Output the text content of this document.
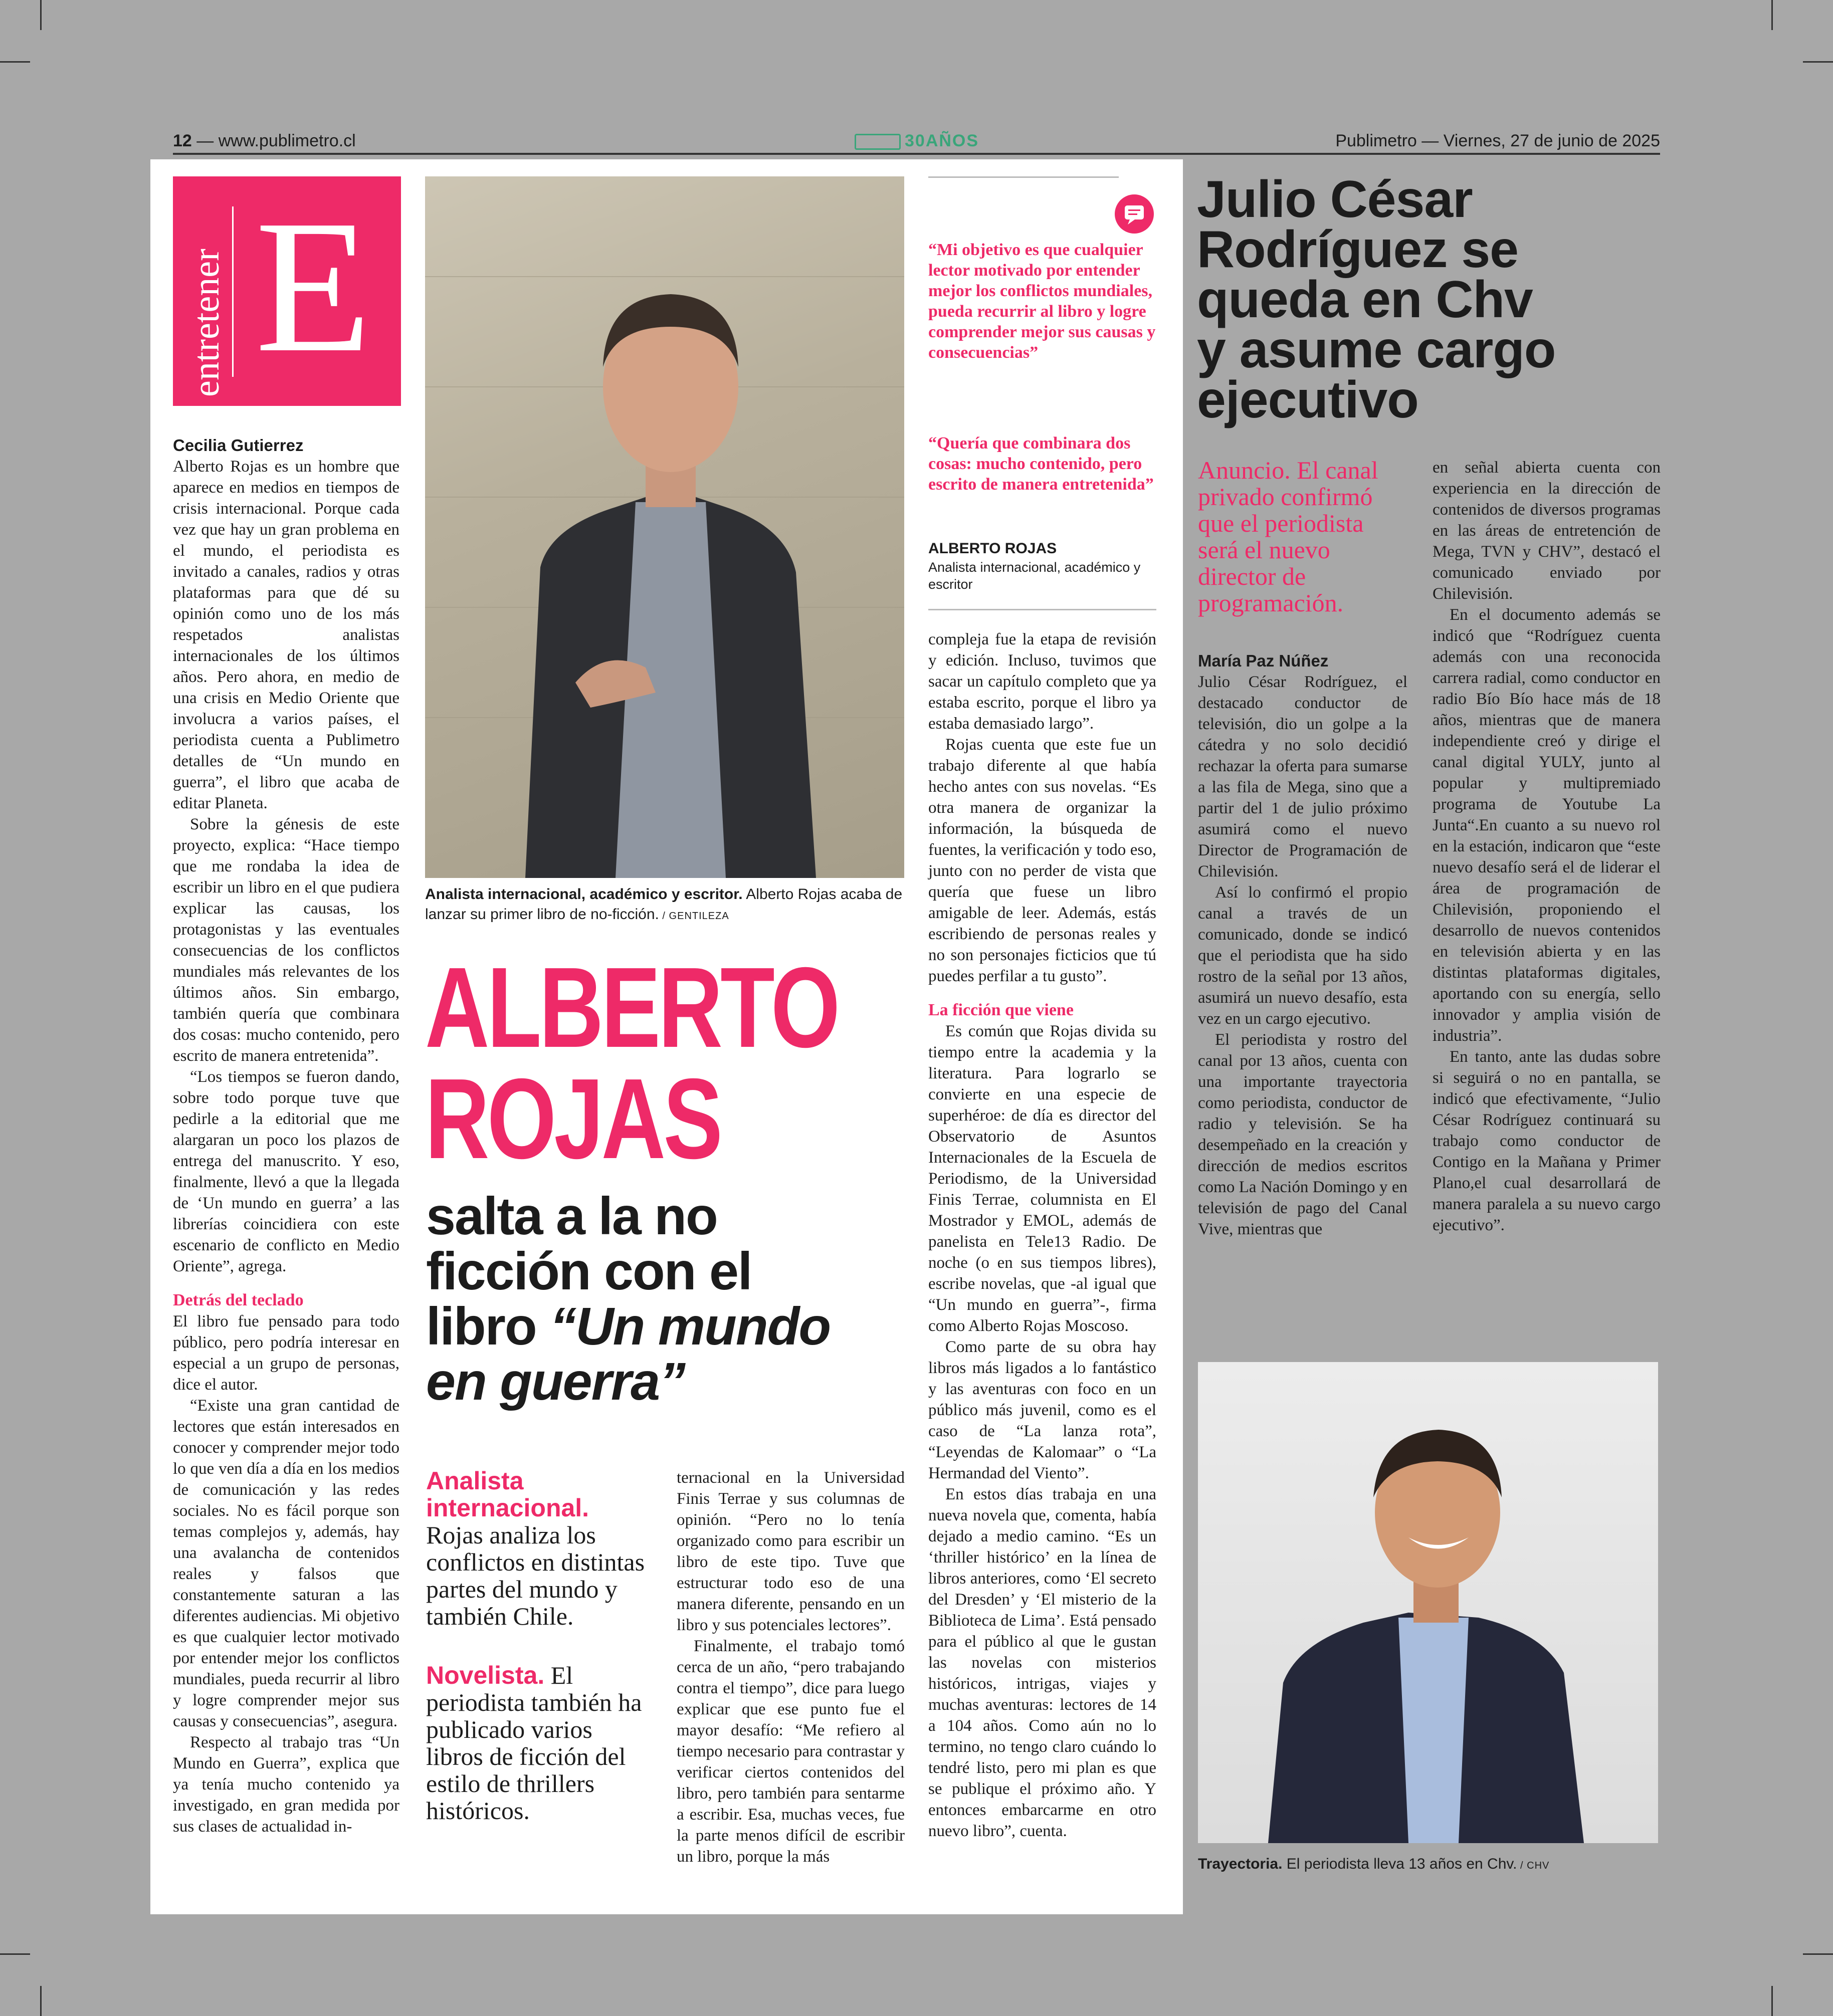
12 — www.publimetro.cl	30AÑOS	Publimetro — Viernes, 27 de junio de 2025
entretener E

Cecilia Gutierrez

Alberto Rojas es un hombre que aparece en medios en tiempos de crisis internacional. Porque cada vez que hay un gran problema en el mundo, el periodista es invitado a canales, radios y otras plataformas para que dé su opinión como uno de los más respetados analistas internacionales de los últimos años. Pero ahora, en medio de una crisis en Medio Oriente que involucra a varios países, el periodista cuenta a Publimetro detalles de “Un mundo en guerra”, el libro que acaba de editar Planeta.

Sobre la génesis de este proyecto, explica: “Hace tiempo que me rondaba la idea de escribir un libro en el que pudiera explicar las causas, los protagonistas y las eventuales consecuencias de los conflictos mundiales más relevantes de los últimos años. Sin embargo, también quería que combinara dos cosas: mucho contenido, pero escrito de manera entretenida”.

“Los tiempos se fueron dando, sobre todo porque tuve que pedirle a la editorial que me alargaran un poco los plazos de entrega del manuscrito. Y eso, finalmente, llevó a que la llegada de ‘Un mundo en guerra’ a las librerías coincidiera con este escenario de conflicto en Medio Oriente”, agrega.

Detrás del teclado

El libro fue pensado para todo público, pero podría interesar en especial a un grupo de personas, dice el autor.

“Existe una gran cantidad de lectores que están interesados en conocer y comprender mejor todo lo que ven día a día en los medios de comunicación y las redes sociales. No es fácil porque son temas complejos y, además, hay una avalancha de contenidos reales y falsos que constantemente saturan a las diferentes audiencias. Mi objetivo es que cualquier lector motivado por entender mejor los conflictos mundiales, pueda recurrir al libro y logre comprender mejor sus causas y consecuencias”, asegura.

Respecto al trabajo tras “Un Mundo en Guerra”, explica que ya tenía mucho contenido ya investigado, en gran medida por sus clases de actualidad in-

Analista internacional, académico y escritor. Alberto Rojas acaba de lanzar su primer libro de no-ficción. / GENTILEZA
ALBERTO
ROJAS
salta a la no
ficción con el
libro “Un mundo
en guerra”
Analista internacional. Rojas analiza los conflictos en distintas partes del mundo y también Chile.
Novelista. El periodista también ha publicado varios libros de ficción del estilo de thrillers históricos.

ternacional en la Universidad Finis Terrae y sus columnas de opinión. “Pero no lo tenía organizado como para escribir un libro de este tipo. Tuve que estructurar todo eso de una manera diferente, pensando en un libro y sus potenciales lectores”.

Finalmente, el trabajo tomó cerca de un año, “pero trabajando contra el tiempo”, dice para luego explicar que ese punto fue el mayor desafío: “Me refiero al tiempo necesario para contrastar y verificar ciertos contenidos del libro, pero también para sentarme a escribir. Esa, muchas veces, fue la parte menos difícil de escribir un libro, porque la más

“Mi objetivo es que cualquier lector motivado por entender mejor los conflictos mundiales, pueda recurrir al libro y logre comprender mejor sus causas y consecuencias”
“Quería que combinara dos cosas: mucho contenido, pero escrito de manera entretenida”
ALBERTO ROJAS
Analista internacional, académico y escritor

compleja fue la etapa de revisión y edición. Incluso, tuvimos que sacar un capítulo completo que ya estaba escrito, porque el libro ya estaba demasiado largo”.

Rojas cuenta que este fue un trabajo diferente al que había hecho antes con sus novelas. “Es otra manera de organizar la información, la búsqueda de fuentes, la verificación y todo eso, junto con no perder de vista que quería que fuese un libro amigable de leer. Además, estás escribiendo de personas reales y no son personajes ficticios que tú puedes perfilar a tu gusto”.

La ficción que viene

Es común que Rojas divida su tiempo entre la academia y la literatura. Para lograrlo se convierte en una especie de superhéroe: de día es director del Observatorio de Asuntos Internacionales de la Escuela de Periodismo, de la Universidad Finis Terrae, columnista en El Mostrador y EMOL, además de panelista en Tele13 Radio. De noche (o en sus tiempos libres), escribe novelas, que -al igual que “Un mundo en guerra”-, firma como Alberto Rojas Moscoso.

Como parte de su obra hay libros más ligados a lo fantástico y las aventuras con foco en un público más juvenil, como es el caso de “La lanza rota”, “Leyendas de Kalomaar” o “La Hermandad del Viento”.

En estos días trabaja en una nueva novela que, comenta, había dejado a medio camino. “Es un ‘thriller histórico’ en la línea de libros anteriores, como ‘El secreto del Dresden’ y ‘El misterio de la Biblioteca de Lima’. Está pensado para el público al que le gustan las novelas con misterios históricos, intrigas, viajes y muchas aventuras: lectores de 14 a 104 años. Como aún no lo termino, no tengo claro cuándo lo tendré listo, pero mi plan es que se publique el próximo año. Y entonces embarcarme en otro nuevo libro”, cuenta.

Julio César
Rodríguez se
queda en Chv
y asume cargo
ejecutivo
Anuncio. El canal privado confirmó que el periodista será el nuevo director de programación.

María Paz Núñez

Julio César Rodríguez, el destacado conductor de televisión, dio un golpe a la cátedra y no solo decidió rechazar la oferta para sumarse a las fila de Mega, sino que a partir del 1 de julio próximo asumirá como el nuevo Director de Programación de Chilevisión.

Así lo confirmó el propio canal a través de un comunicado, donde se indicó que el periodista que ha sido rostro de la señal por 13 años, asumirá un nuevo desafío, esta vez en un cargo ejecutivo.

El periodista y rostro del canal por 13 años, cuenta con una importante trayectoria como periodista, conductor de radio y televisión. Se ha desempeñado en la creación y dirección de medios escritos como La Nación Domingo y en televisión de pago del Canal Vive, mientras que

en señal abierta cuenta con experiencia en la dirección de contenidos de diversos programas en las áreas de entretención de Mega, TVN y CHV”, destacó el comunicado enviado por Chilevisión.

En el documento además se indicó que “Rodríguez cuenta además con una reconocida carrera radial, como conductor en radio Bío Bío hace más de 18 años, mientras que de manera independiente creó y dirige el canal digital YULY, junto al popular y multipremiado programa de Youtube La Junta“.En cuanto a su nuevo rol en la estación, indicaron que “este nuevo desafío será el de liderar el área de programación de Chilevisión, proponiendo el desarrollo de nuevos contenidos en televisión abierta y en las distintas plataformas digitales, aportando con su energía, sello innovador y amplia visión de industria”.

En tanto, ante las dudas sobre si seguirá o no en pantalla, se indicó que efectivamente, “Julio César Rodríguez continuará su trabajo como conductor de Contigo en la Mañana y Primer Plano,el cual desarrollará de manera paralela a su nuevo cargo ejecutivo”.

Trayectoria. El periodista lleva 13 años en Chv. / CHV
